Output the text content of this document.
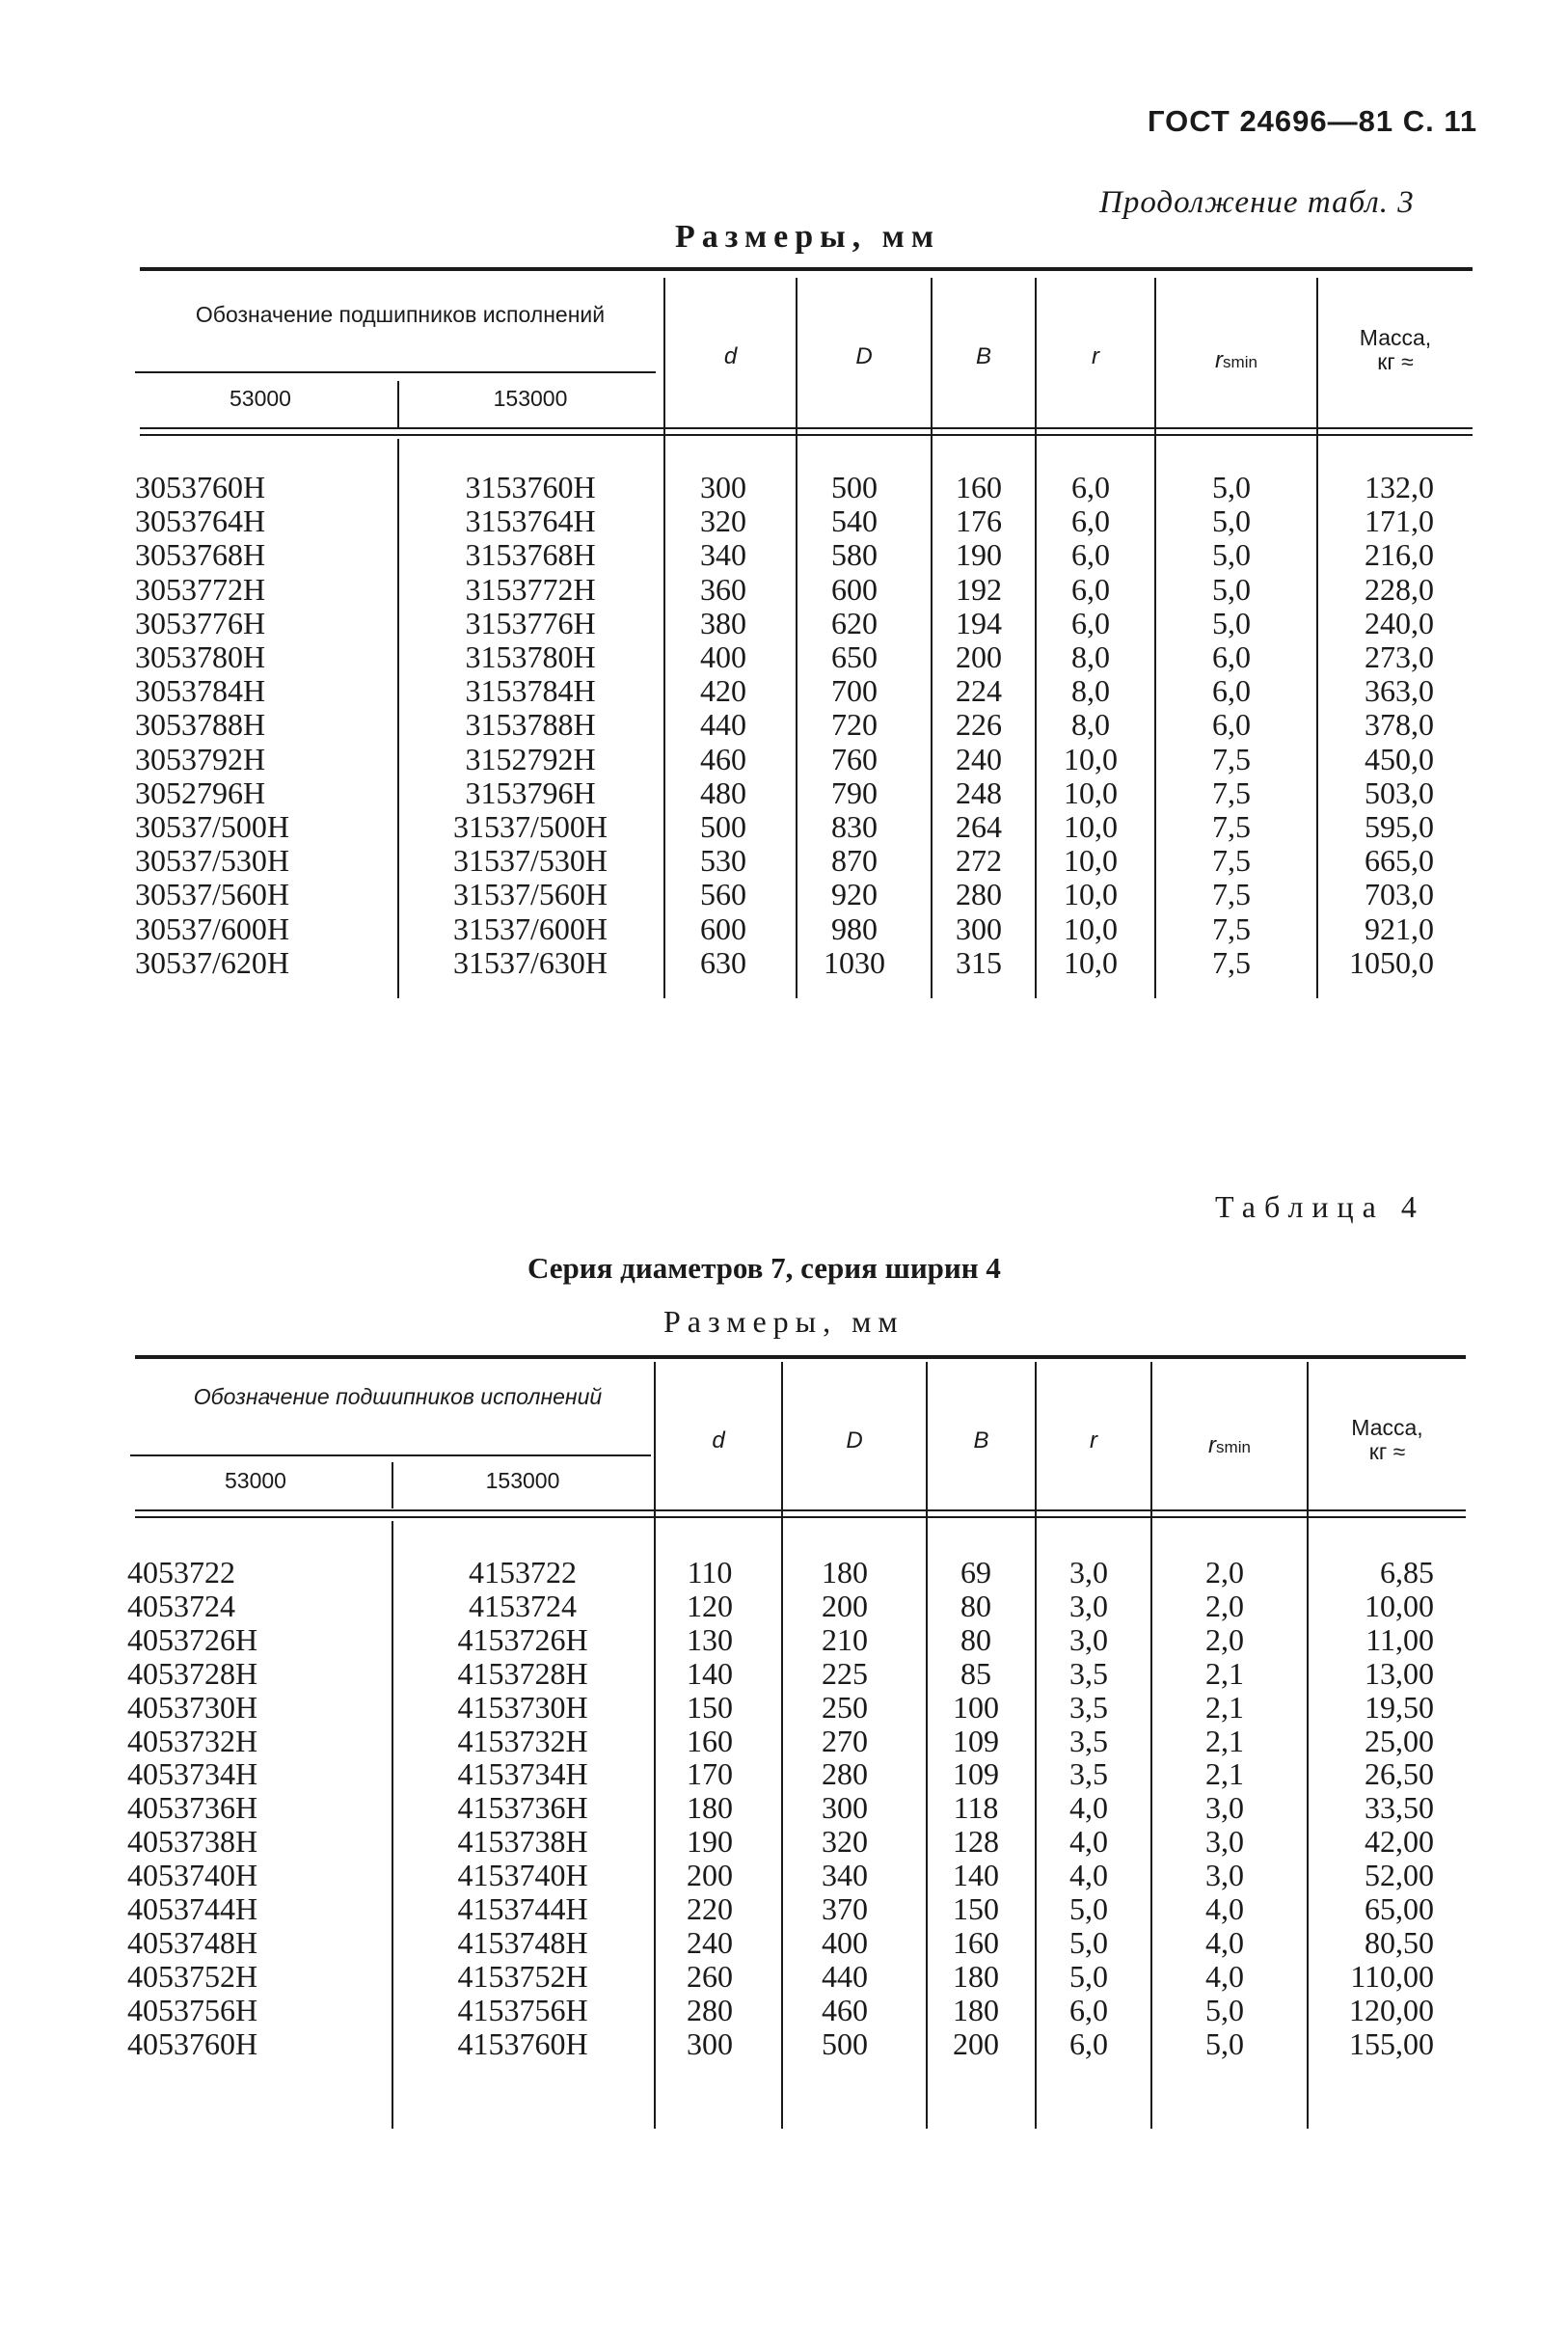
ГОСТ 24696—81 С. 11
Продолжение табл. 3
Размеры, мм
Обозначение подшипников исполнений
53000	153000
d	D	B	r	rsmin
Масса,
кг ≈
3053760Н	3153760Н	300	500	160	6,0	5,0	132,0
3053764Н	3153764Н	320	540	176	6,0	5,0	171,0
3053768Н	3153768Н	340	580	190	6,0	5,0	216,0
3053772Н	3153772Н	360	600	192	6,0	5,0	228,0
3053776Н	3153776Н	380	620	194	6,0	5,0	240,0
3053780Н	3153780Н	400	650	200	8,0	6,0	273,0
3053784Н	3153784Н	420	700	224	8,0	6,0	363,0
3053788Н	3153788Н	440	720	226	8,0	6,0	378,0
3053792Н	3152792Н	460	760	240	10,0	7,5	450,0
3052796Н	3153796Н	480	790	248	10,0	7,5	503,0
30537/500Н	31537/500Н	500	830	264	10,0	7,5	595,0
30537/530Н	31537/530Н	530	870	272	10,0	7,5	665,0
30537/560Н	31537/560Н	560	920	280	10,0	7,5	703,0
30537/600Н	31537/600Н	600	980	300	10,0	7,5	921,0
30537/620Н	31537/630Н	630	1030	315	10,0	7,5	1050,0
Таблица 4
Серия диаметров 7, серия ширин 4
Размеры, мм
Обозначение подшипников исполнений
53000	153000
d	D	B	r	rsmin
Масса,
кг ≈
4053722	4153722	110	180	69	3,0	2,0	6,85
4053724	4153724	120	200	80	3,0	2,0	10,00
4053726Н	4153726Н	130	210	80	3,0	2,0	11,00
4053728Н	4153728Н	140	225	85	3,5	2,1	13,00
4053730Н	4153730Н	150	250	100	3,5	2,1	19,50
4053732Н	4153732Н	160	270	109	3,5	2,1	25,00
4053734Н	4153734Н	170	280	109	3,5	2,1	26,50
4053736Н	4153736Н	180	300	118	4,0	3,0	33,50
4053738Н	4153738Н	190	320	128	4,0	3,0	42,00
4053740Н	4153740Н	200	340	140	4,0	3,0	52,00
4053744Н	4153744Н	220	370	150	5,0	4,0	65,00
4053748Н	4153748Н	240	400	160	5,0	4,0	80,50
4053752Н	4153752Н	260	440	180	5,0	4,0	110,00
4053756Н	4153756Н	280	460	180	6,0	5,0	120,00
4053760Н	4153760Н	300	500	200	6,0	5,0	155,00
